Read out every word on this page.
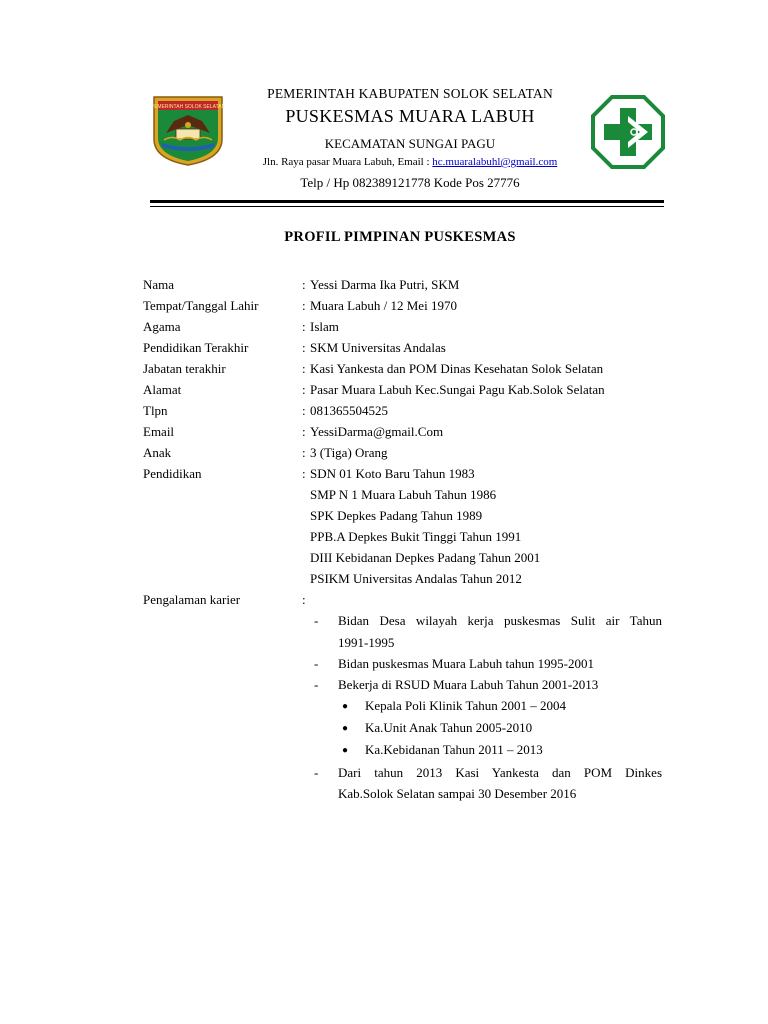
PEMERINTAH SOLOK SELATAN
PEMERINTAH KABUPATEN SOLOK SELATAN
PUSKESMAS MUARA LABUH
KECAMATAN SUNGAI PAGU
Jln. Raya pasar Muara Labuh, Email : hc.muaralabuhl@gmail.com
Telp / Hp 082389121778 Kode Pos 27776
PROFIL PIMPINAN PUSKESMAS
Nama	: Yessi Darma Ika Putri, SKM
Tempat/Tanggal Lahir	: Muara Labuh / 12 Mei 1970
Agama	: Islam
Pendidikan Terakhir	: SKM Universitas Andalas
Jabatan terakhir	: Kasi Yankesta dan POM Dinas Kesehatan Solok Selatan
Alamat	: Pasar Muara Labuh Kec.Sungai Pagu Kab.Solok Selatan
Tlpn	: 081365504525
Email	: YessiDarma@gmail.Com
Anak	: 3 (Tiga) Orang
Pendidikan	: SDN 01 Koto Baru Tahun 1983
SMP N 1 Muara Labuh Tahun 1986
SPK Depkes Padang Tahun 1989
PPB.A Depkes Bukit Tinggi Tahun 1991
DIII Kebidanan Depkes Padang Tahun 2001
PSIKM Universitas Andalas Tahun 2012
Pengalaman karier	:
- Bidan Desa wilayah kerja puskesmas Sulit air Tahun
1991-1995
- Bidan puskesmas Muara Labuh tahun 1995-2001
- Bekerja di RSUD Muara Labuh Tahun 2001-2013
● Kepala Poli Klinik Tahun 2001 – 2004
● Ka.Unit Anak Tahun 2005-2010
● Ka.Kebidanan Tahun 2011 – 2013
- Dari tahun 2013 Kasi Yankesta dan POM Dinkes
Kab.Solok Selatan sampai 30 Desember 2016
